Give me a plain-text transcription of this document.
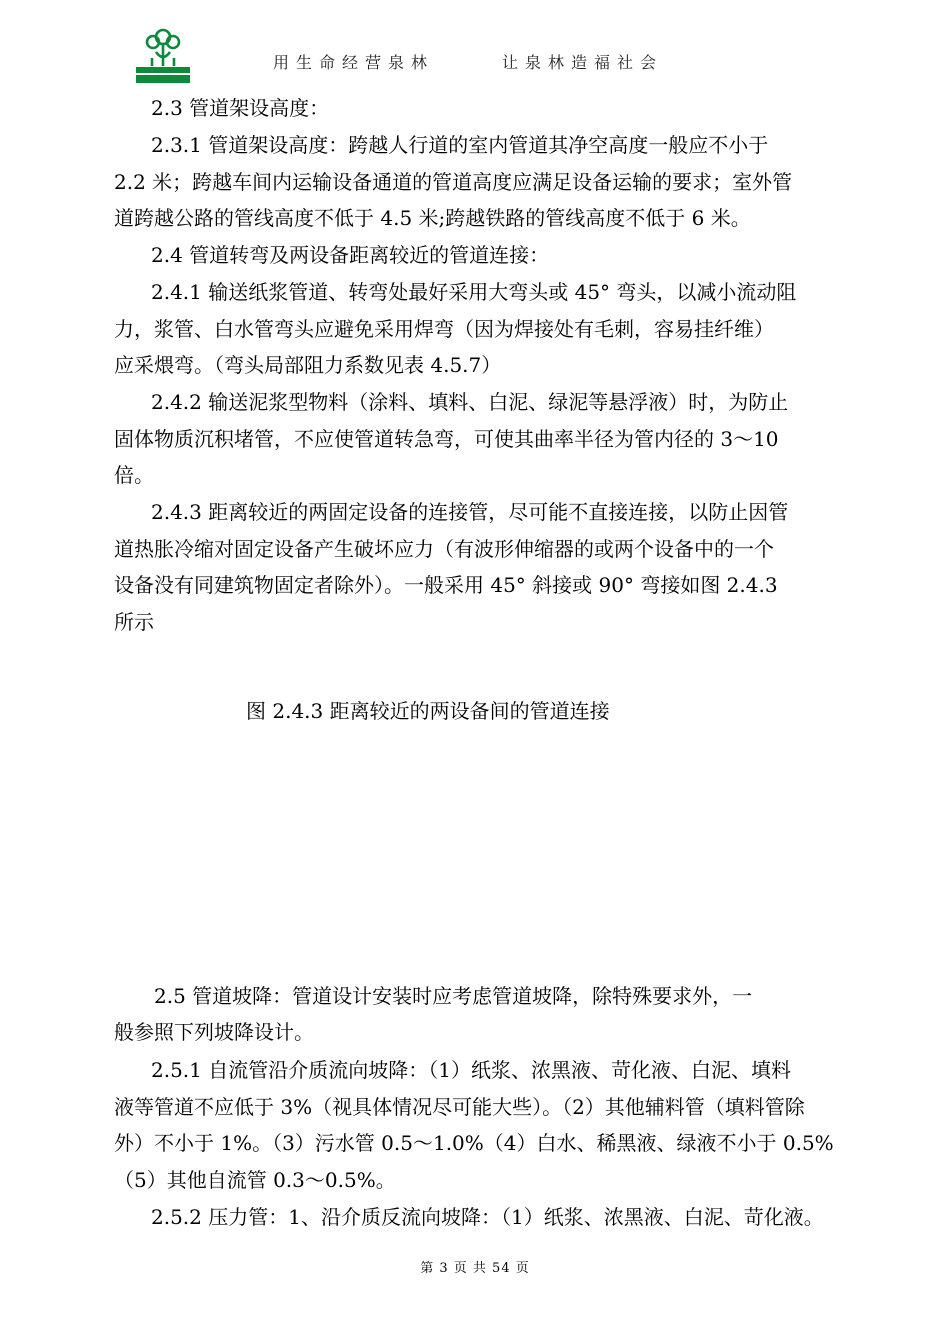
用生命经营泉林	让泉林造福社会
2.3 管道架设高度：
2.3.1 管道架设高度：跨越人行道的室内管道其净空高度一般应不小于
2.2 米；跨越车间内运输设备通道的管道高度应满足设备运输的要求；室外管
道跨越公路的管线高度不低于 4.5 米;跨越铁路的管线高度不低于 6 米。
2.4 管道转弯及两设备距离较近的管道连接：
2.4.1 输送纸浆管道、转弯处最好采用大弯头或 45° 弯头，以减小流动阻
力，浆管、白水管弯头应避免采用焊弯（因为焊接处有毛刺，容易挂纤维）
应采煨弯。（弯头局部阻力系数见表 4.5.7）
2.4.2 输送泥浆型物料（涂料、填料、白泥、绿泥等悬浮液）时，为防止
固体物质沉积堵管，不应使管道转急弯，可使其曲率半径为管内径的 3～10
倍。
2.4.3 距离较近的两固定设备的连接管，尽可能不直接连接，以防止因管
道热胀冷缩对固定设备产生破坏应力（有波形伸缩器的或两个设备中的一个
设备没有同建筑物固定者除外）。一般采用 45° 斜接或 90° 弯接如图 2.4.3
所示
图 2.4.3 距离较近的两设备间的管道连接
2.5 管道坡降：管道设计安装时应考虑管道坡降，除特殊要求外，一
般参照下列坡降设计。
2.5.1 自流管沿介质流向坡降：（1）纸浆、浓黑液、苛化液、白泥、填料
液等管道不应低于 3%（视具体情况尽可能大些）。（2）其他辅料管（填料管除
外）不小于 1%。（3）污水管 0.5～1.0%（4）白水、稀黑液、绿液不小于 0.5%
（5）其他自流管 0.3～0.5%。
2.5.2 压力管：1、沿介质反流向坡降：（1）纸浆、浓黑液、白泥、苛化液。
第 3 页 共 54 页
